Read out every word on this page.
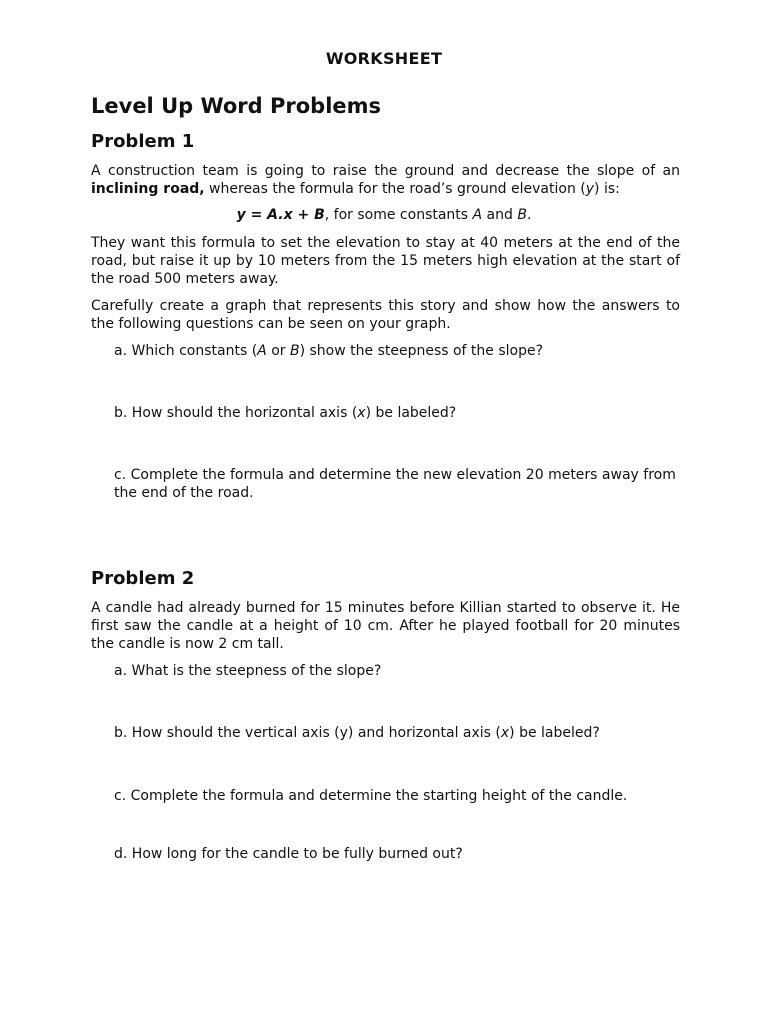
WORKSHEET
Level Up Word Problems
Problem 1

A construction team is going to raise the ground and decrease the slope of an inclining road, whereas the formula for the road’s ground elevation (y) is:

y = A.x + B, for some constants A and B.

They want this formula to set the elevation to stay at 40 meters at the end of the road, but raise it up by 10 meters from the 15 meters high elevation at the start of the road 500 meters away.

Carefully create a graph that represents this story and show how the answers to the following questions can be seen on your graph.

a. Which constants (A or B) show the steepness of the slope?

b. How should the horizontal axis (x) be labeled?

c. Complete the formula and determine the new elevation 20 meters away from the end of the road.

Problem 2

A candle had already burned for 15 minutes before Killian started to observe it. He first saw the candle at a height of 10 cm. After he played football for 20 minutes the candle is now 2 cm tall.

a. What is the steepness of the slope?

b. How should the vertical axis (y) and horizontal axis (x) be labeled?

c. Complete the formula and determine the starting height of the candle.

d. How long for the candle to be fully burned out?
